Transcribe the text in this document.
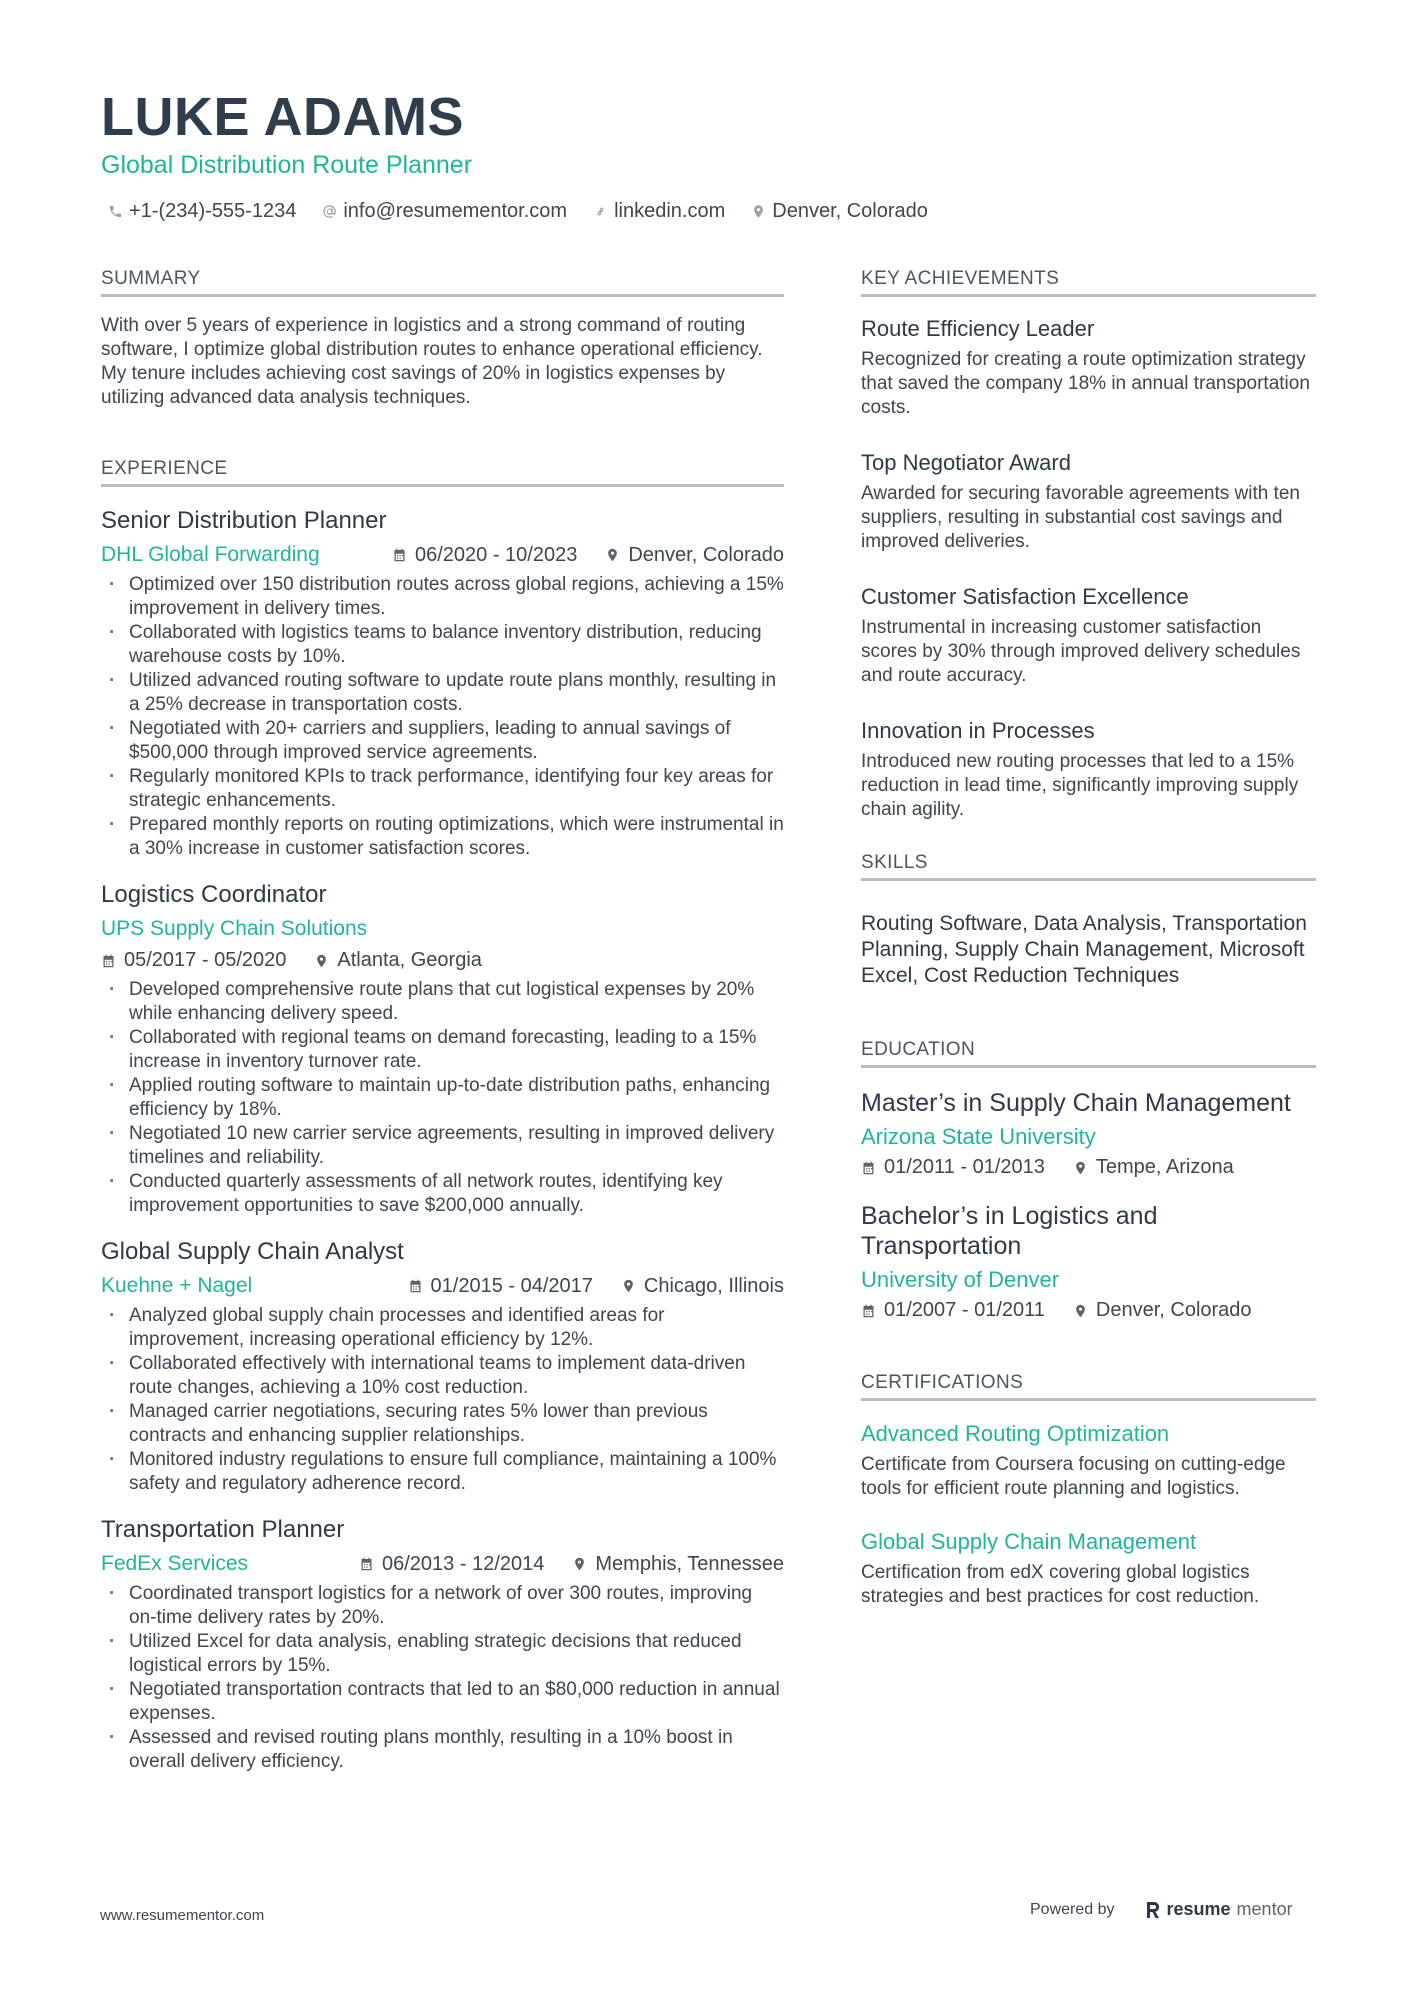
LUKE ADAMS
Global Distribution Route Planner
+1-(234)-555-1234 info@resumementor.com linkedin.com Denver, Colorado
SUMMARY
With over 5 years of experience in logistics and a strong command of routing software, I optimize global distribution routes to enhance operational efficiency. My tenure includes achieving cost savings of 20% in logistics expenses by utilizing advanced data analysis techniques.
EXPERIENCE
Senior Distribution Planner
DHL Global Forwarding	06/2020 - 10/2023	Denver, Colorado
· Optimized over 150 distribution routes across global regions, achieving a 15% improvement in delivery times.
· Collaborated with logistics teams to balance inventory distribution, reducing warehouse costs by 10%.
· Utilized advanced routing software to update route plans monthly, resulting in a 25% decrease in transportation costs.
· Negotiated with 20+ carriers and suppliers, leading to annual savings of $500,000 through improved service agreements.
· Regularly monitored KPIs to track performance, identifying four key areas for strategic enhancements.
· Prepared monthly reports on routing optimizations, which were instrumental in a 30% increase in customer satisfaction scores.
Logistics Coordinator
UPS Supply Chain Solutions
05/2017 - 05/2020	Atlanta, Georgia
· Developed comprehensive route plans that cut logistical expenses by 20% while enhancing delivery speed.
· Collaborated with regional teams on demand forecasting, leading to a 15% increase in inventory turnover rate.
· Applied routing software to maintain up-to-date distribution paths, enhancing efficiency by 18%.
· Negotiated 10 new carrier service agreements, resulting in improved delivery timelines and reliability.
· Conducted quarterly assessments of all network routes, identifying key improvement opportunities to save $200,000 annually.
Global Supply Chain Analyst
Kuehne + Nagel	01/2015 - 04/2017	Chicago, Illinois
· Analyzed global supply chain processes and identified areas for improvement, increasing operational efficiency by 12%.
· Collaborated effectively with international teams to implement data-driven route changes, achieving a 10% cost reduction.
· Managed carrier negotiations, securing rates 5% lower than previous contracts and enhancing supplier relationships.
· Monitored industry regulations to ensure full compliance, maintaining a 100% safety and regulatory adherence record.
Transportation Planner
FedEx Services	06/2013 - 12/2014	Memphis, Tennessee
· Coordinated transport logistics for a network of over 300 routes, improving on-time delivery rates by 20%.
· Utilized Excel for data analysis, enabling strategic decisions that reduced logistical errors by 15%.
· Negotiated transportation contracts that led to an $80,000 reduction in annual expenses.
· Assessed and revised routing plans monthly, resulting in a 10% boost in overall delivery efficiency.
KEY ACHIEVEMENTS
Route Efficiency Leader
Recognized for creating a route optimization strategy that saved the company 18% in annual transportation costs.
Top Negotiator Award
Awarded for securing favorable agreements with ten suppliers, resulting in substantial cost savings and improved deliveries.
Customer Satisfaction Excellence
Instrumental in increasing customer satisfaction scores by 30% through improved delivery schedules and route accuracy.
Innovation in Processes
Introduced new routing processes that led to a 15% reduction in lead time, significantly improving supply chain agility.
SKILLS
Routing Software, Data Analysis, Transportation Planning, Supply Chain Management, Microsoft Excel, Cost Reduction Techniques
EDUCATION
Master’s in Supply Chain Management
Arizona State University
01/2011 - 01/2013	Tempe, Arizona
Bachelor’s in Logistics and Transportation
University of Denver
01/2007 - 01/2011	Denver, Colorado
CERTIFICATIONS
Advanced Routing Optimization
Certificate from Coursera focusing on cutting-edge tools for efficient route planning and logistics.
Global Supply Chain Management
Certification from edX covering global logistics strategies and best practices for cost reduction.
www.resumementor.com	Powered by	resume mentor
